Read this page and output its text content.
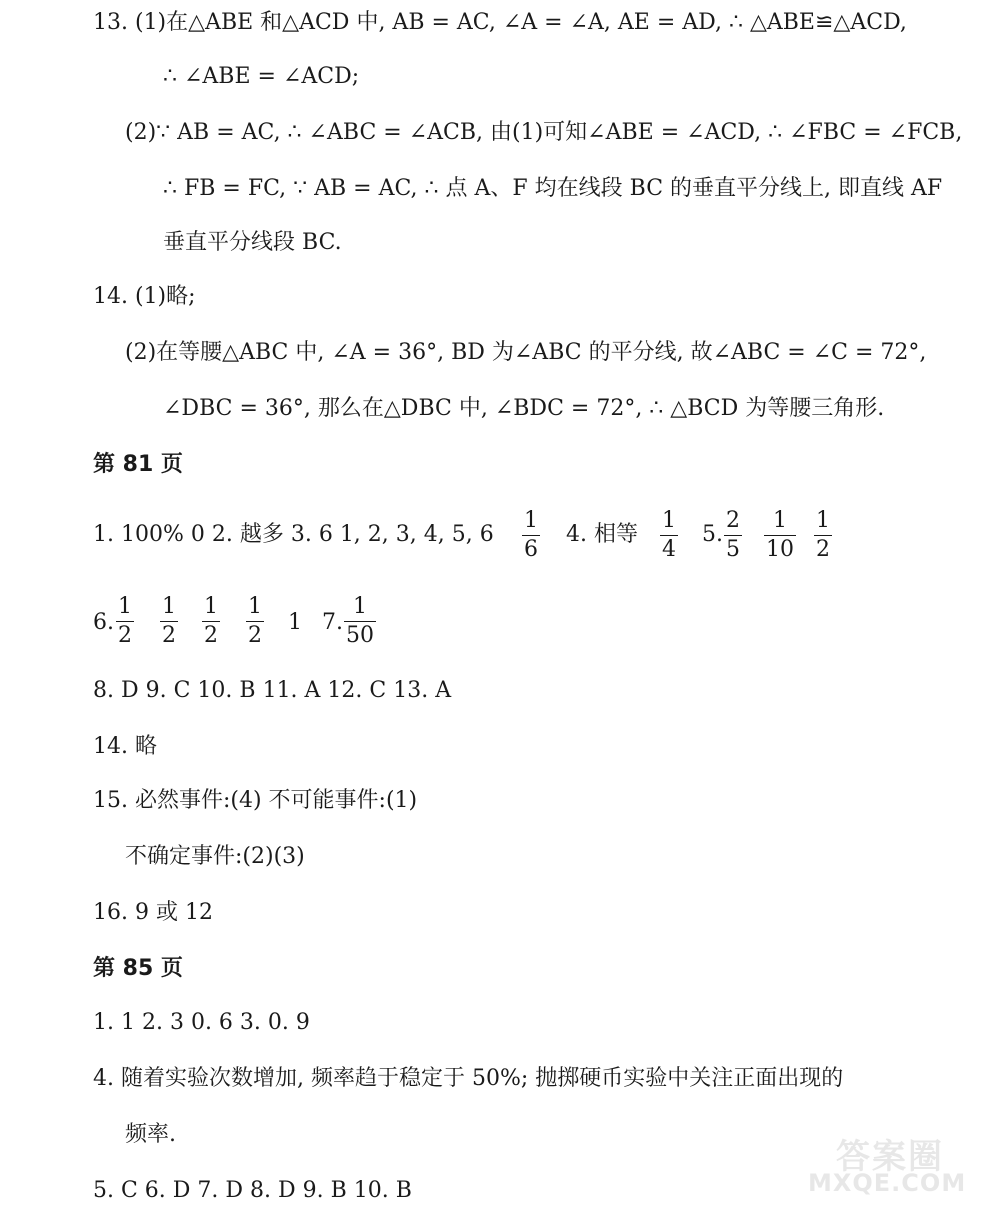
13. (1)在△ABE 和△ACD 中, AB = AC, ∠A = ∠A, AE = AD, ∴ △ABE≌△ACD,
∴ ∠ABE = ∠ACD;
(2)∵ AB = AC, ∴ ∠ABC = ∠ACB, 由(1)可知∠ABE = ∠ACD, ∴ ∠FBC = ∠FCB,
∴ FB = FC, ∵ AB = AC, ∴ 点 A、F 均在线段 BC 的垂直平分线上, 即直线 AF
垂直平分线段 BC.
14. (1)略;
(2)在等腰△ABC 中, ∠A = 36°, BD 为∠ABC 的平分线, 故∠ABC = ∠C = 72°,
∠DBC = 36°, 那么在△DBC 中, ∠BDC = 72°, ∴ △BCD 为等腰三角形.
第 81 页
1. 100% 0 2. 越多 3. 6 1, 2, 3, 4, 5, 6
1
6
4. 相等
1
4
5.
2
5
1
10
1
2
6.
1
2
1
2
1
2
1
2
1 7.
1
50
8. D 9. C 10. B 11. A 12. C 13. A
14. 略
15. 必然事件:(4) 不可能事件:(1)
不确定事件:(2)(3)
16. 9 或 12
第 85 页
1. 1 2. 3 0. 6 3. 0. 9
4. 随着实验次数增加, 频率趋于稳定于 50%; 抛掷硬币实验中关注正面出现的
频率.
5. C 6. D 7. D 8. D 9. B 10. B
答案圈
MXQE.COM
